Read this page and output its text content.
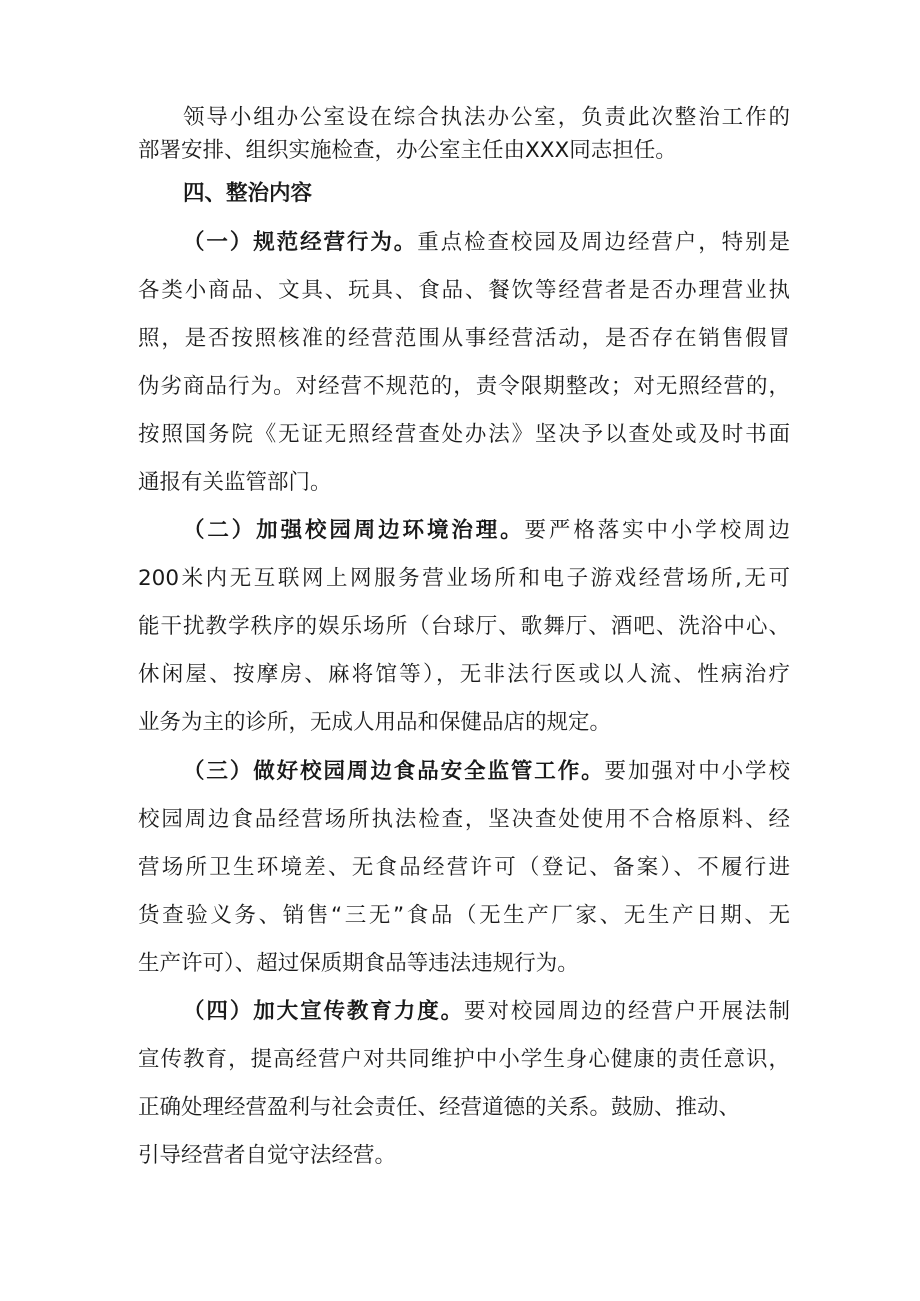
领导小组办公室设在综合执法办公室，负责此次整治工作的
部署安排、组织实施检查，办公室主任由XXX同志担任。
四、整治内容
（一）规范经营行为。重点检查校园及周边经营户，特别是
各类小商品、文具、玩具、食品、餐饮等经营者是否办理营业执
照，是否按照核准的经营范围从事经营活动，是否存在销售假冒
伪劣商品行为。对经营不规范的，责令限期整改；对无照经营的，
按照国务院《无证无照经营查处办法》坚决予以查处或及时书面
通报有关监管部门。
（二）加强校园周边环境治理。要严格落实中小学校周边
200米内无互联网上网服务营业场所和电子游戏经营场所,无可
能干扰教学秩序的娱乐场所（台球厅、歌舞厅、酒吧、洗浴中心、
休闲屋、按摩房、麻将馆等），无非法行医或以人流、性病治疗
业务为主的诊所，无成人用品和保健品店的规定。
（三）做好校园周边食品安全监管工作。要加强对中小学校
校园周边食品经营场所执法检查，坚决查处使用不合格原料、经
营场所卫生环境差、无食品经营许可（登记、备案）、不履行进
货查验义务、销售“三无”食品（无生产厂家、无生产日期、无
生产许可）、超过保质期食品等违法违规行为。
（四）加大宣传教育力度。要对校园周边的经营户开展法制
宣传教育，提高经营户对共同维护中小学生身心健康的责任意识，
正确处理经营盈利与社会责任、经营道德的关系。鼓励、推动、
引导经营者自觉守法经营。
